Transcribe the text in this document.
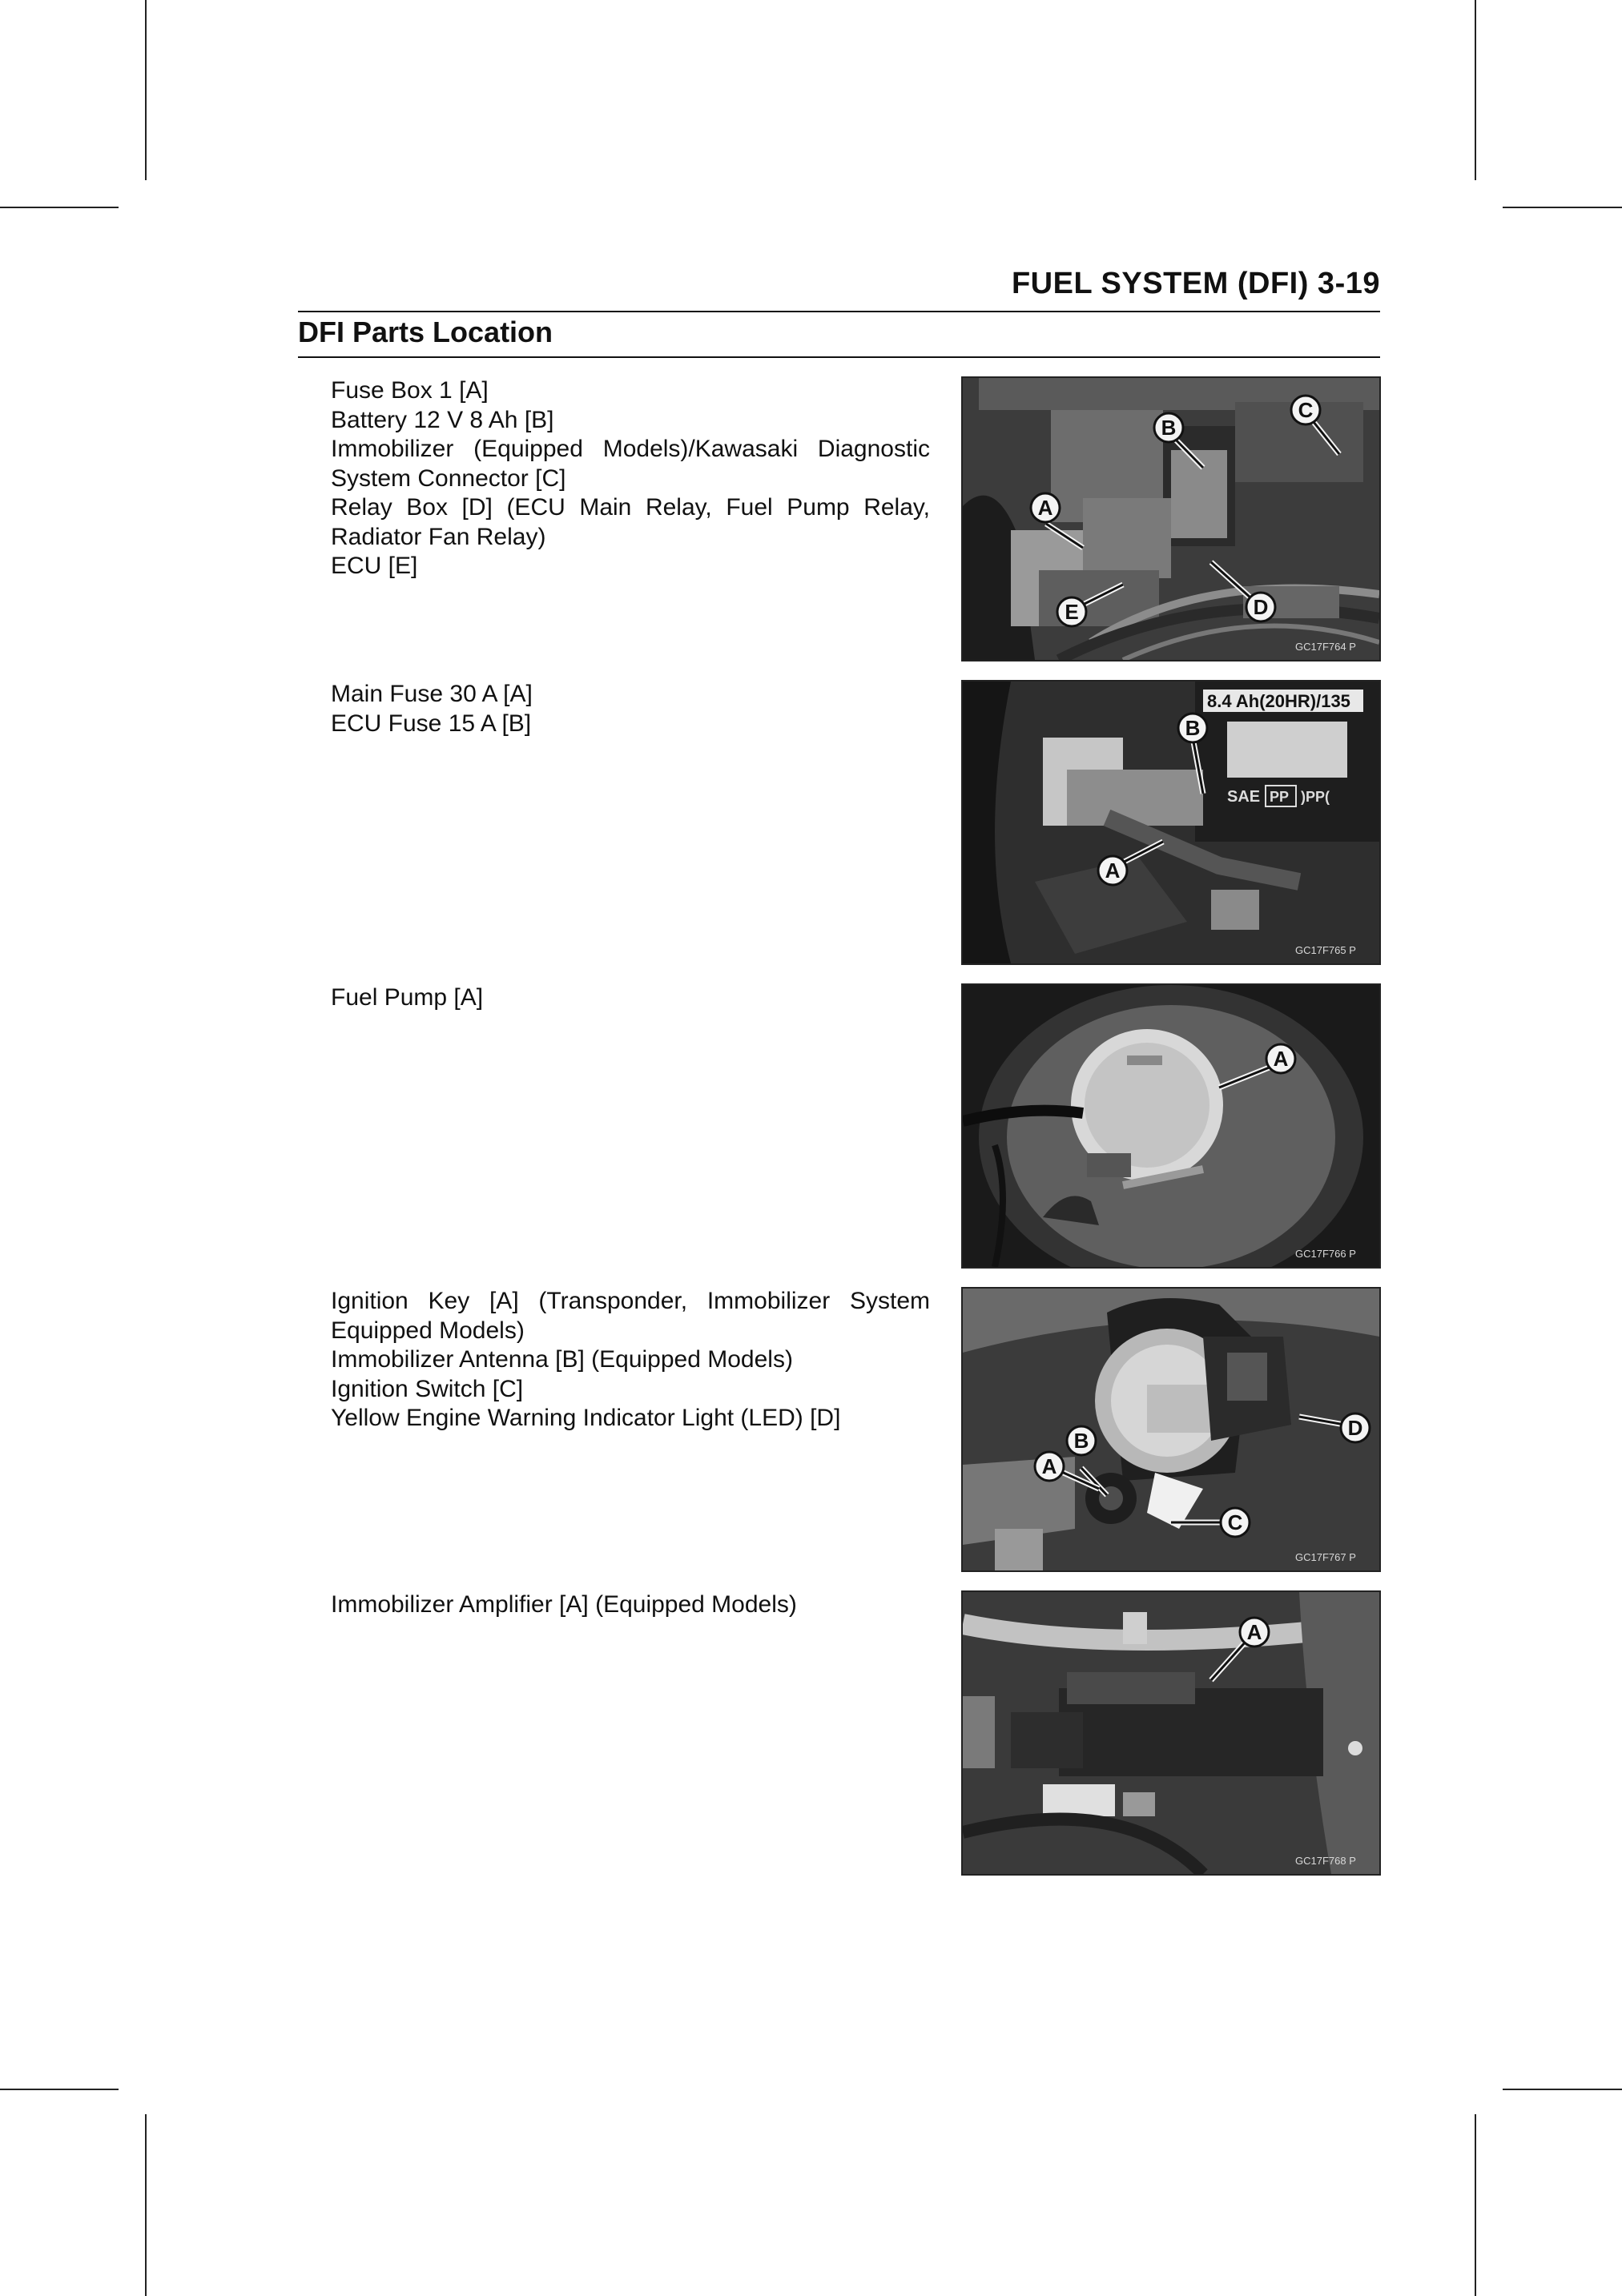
FUEL SYSTEM (DFI) 3-19
DFI Parts Location
Fuse Box 1 [A]
Battery 12 V 8 Ah [B]
Immobilizer (Equipped Models)/Kawasaki Diagnostic System Connector [C]
Relay Box [D] (ECU Main Relay, Fuel Pump Relay, Radiator Fan Relay)
ECU [E]
A
B
C
D
E
GC17F764 P
Main Fuse 30 A [A]
ECU Fuse 15 A [B]
8.4 Ah(20HR)/135
SAE PP )PP(
A
B
GC17F765 P
Fuel Pump [A]
A
GC17F766 P
Ignition Key [A] (Transponder, Immobilizer System Equipped Models)
Immobilizer Antenna [B] (Equipped Models)
Ignition Switch [C]
Yellow Engine Warning Indicator Light (LED) [D]
A
B
C
D
GC17F767 P
Immobilizer Amplifier [A] (Equipped Models)
A
GC17F768 P
